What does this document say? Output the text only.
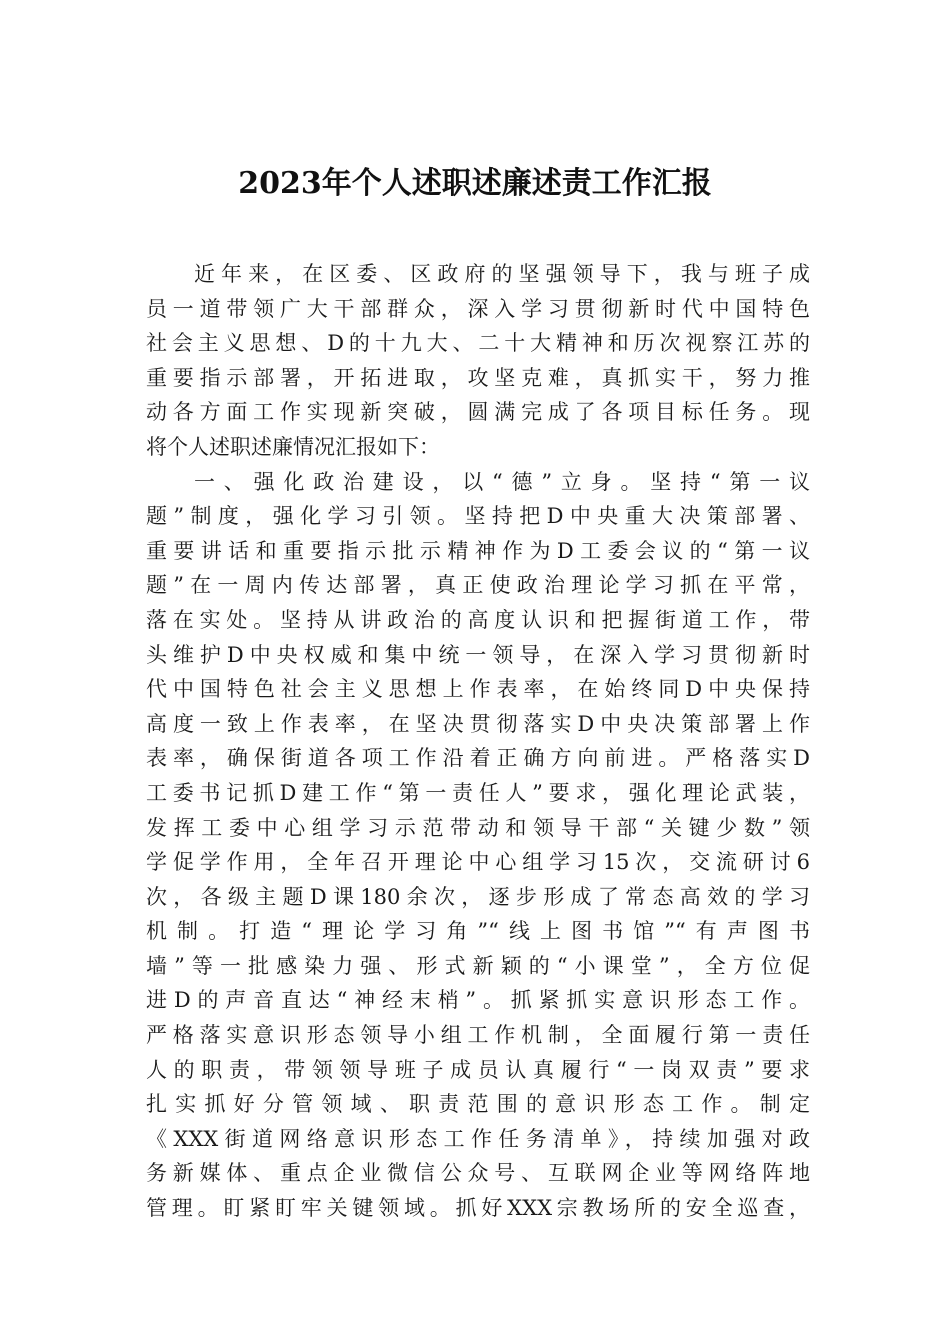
2023年个人述职述廉述责工作汇报
近年来，在区委、区政府的坚强领导下，我与班子成
员一道带领广大干部群众，深入学习贯彻新时代中国特色
社会主义思想、D的十九大、二十大精神和历次视察江苏的
重要指示部署，开拓进取，攻坚克难，真抓实干，努力推
动各方面工作实现新突破，圆满完成了各项目标任务。现
将个人述职述廉情况汇报如下：
一、强化政治建设，以“德”立身。坚持“第一议
题”制度，强化学习引领。坚持把D中央重大决策部署、
重要讲话和重要指示批示精神作为D工委会议的“第一议
题”在一周内传达部署，真正使政治理论学习抓在平常，
落在实处。坚持从讲政治的高度认识和把握街道工作，带
头维护D中央权威和集中统一领导，在深入学习贯彻新时
代中国特色社会主义思想上作表率，在始终同D中央保持
高度一致上作表率，在坚决贯彻落实D中央决策部署上作
表率，确保街道各项工作沿着正确方向前进。严格落实D
工委书记抓D建工作“第一责任人”要求，强化理论武装，
发挥工委中心组学习示范带动和领导干部“关键少数”领
学促学作用，全年召开理论中心组学习15次，交流研讨6
次，各级主题D课180余次，逐步形成了常态高效的学习
机制。打造“理论学习角”“线上图书馆”“有声图书
墙”等一批感染力强、形式新颖的“小课堂”，全方位促
进D的声音直达“神经末梢”。抓紧抓实意识形态工作。
严格落实意识形态领导小组工作机制，全面履行第一责任
人的职责，带领领导班子成员认真履行“一岗双责”要求
扎实抓好分管领域、职责范围的意识形态工作。制定
《XXX街道网络意识形态工作任务清单》，持续加强对政
务新媒体、重点企业微信公众号、互联网企业等网络阵地
管理。盯紧盯牢关键领域。抓好XXX宗教场所的安全巡查，
